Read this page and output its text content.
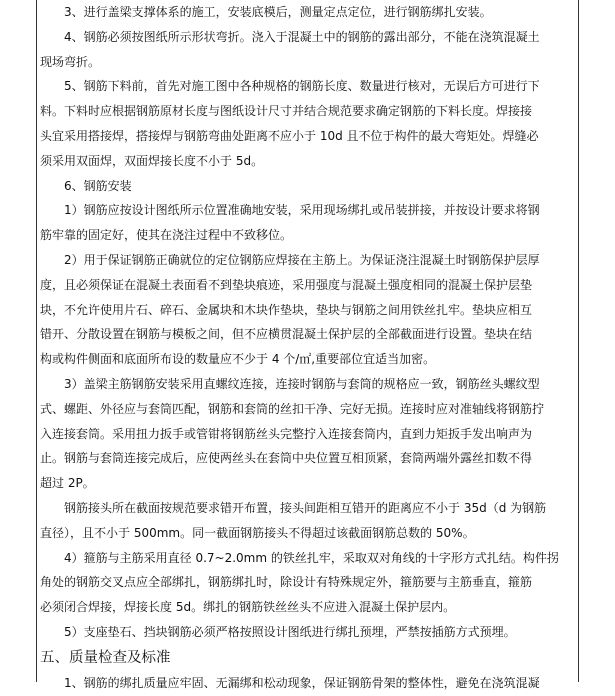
3、进行盖梁支撑体系的施工，安装底模后，测量定点定位，进行钢筋绑扎安装。
4、钢筋必须按图纸所示形状弯折。浇入于混凝土中的钢筋的露出部分，不能在浇筑混凝土
现场弯折。
5、钢筋下料前，首先对施工图中各种规格的钢筋长度、数量进行核对，无误后方可进行下
料。下料时应根据钢筋原材长度与图纸设计尺寸并结合规范要求确定钢筋的下料长度。焊接接
头宜采用搭接焊，搭接焊与钢筋弯曲处距离不应小于 10d 且不位于构件的最大弯矩处。焊缝必
须采用双面焊，双面焊接长度不小于 5d。
6、钢筋安装
1）钢筋应按设计图纸所示位置准确地安装，采用现场绑扎或吊装拼接，并按设计要求将钢
筋牢靠的固定好，使其在浇注过程中不致移位。
2）用于保证钢筋正确就位的定位钢筋应焊接在主筋上。为保证浇注混凝土时钢筋保护层厚
度，且必须保证在混凝土表面看不到垫块痕迹，采用强度与混凝土强度相同的混凝土保护层垫
块，不允许使用片石、碎石、金属块和木块作垫块，垫块与钢筋之间用铁丝扎牢。垫块应相互
错开、分散设置在钢筋与模板之间，但不应横贯混凝土保护层的全部截面进行设置。垫块在结
构或构件侧面和底面所布设的数量应不少于 4 个/㎡,重要部位宜适当加密。
3）盖梁主筋钢筋安装采用直螺纹连接，连接时钢筋与套筒的规格应一致，钢筋丝头螺纹型
式、螺距、外径应与套筒匹配，钢筋和套筒的丝扣干净、完好无损。连接时应对准轴线将钢筋拧
入连接套筒。采用扭力扳手或管钳将钢筋丝头完整拧入连接套筒内，直到力矩扳手发出响声为
止。钢筋与套筒连接完成后，应使两丝头在套筒中央位置互相顶紧，套筒两端外露丝扣数不得
超过 2P。
钢筋接头所在截面按规范要求错开布置，接头间距相互错开的距离应不小于 35d（d 为钢筋
直径），且不小于 500mm。同一截面钢筋接头不得超过该截面钢筋总数的 50%。
4）箍筋与主筋采用直径 0.7~2.0mm 的铁丝扎牢，采取双对角线的十字形方式扎结。构件拐
角处的钢筋交叉点应全部绑扎，钢筋绑扎时，除设计有特殊规定外，箍筋要与主筋垂直，箍筋
必须闭合焊接，焊接长度 5d。绑扎的钢筋铁丝丝头不应进入混凝土保护层内。
5）支座垫石、挡块钢筋必须严格按照设计图纸进行绑扎预埋，严禁按插筋方式预埋。
五、质量检查及标准
1、钢筋的绑扎质量应牢固、无漏绑和松动现象，保证钢筋骨架的整体性，避免在浇筑混凝
